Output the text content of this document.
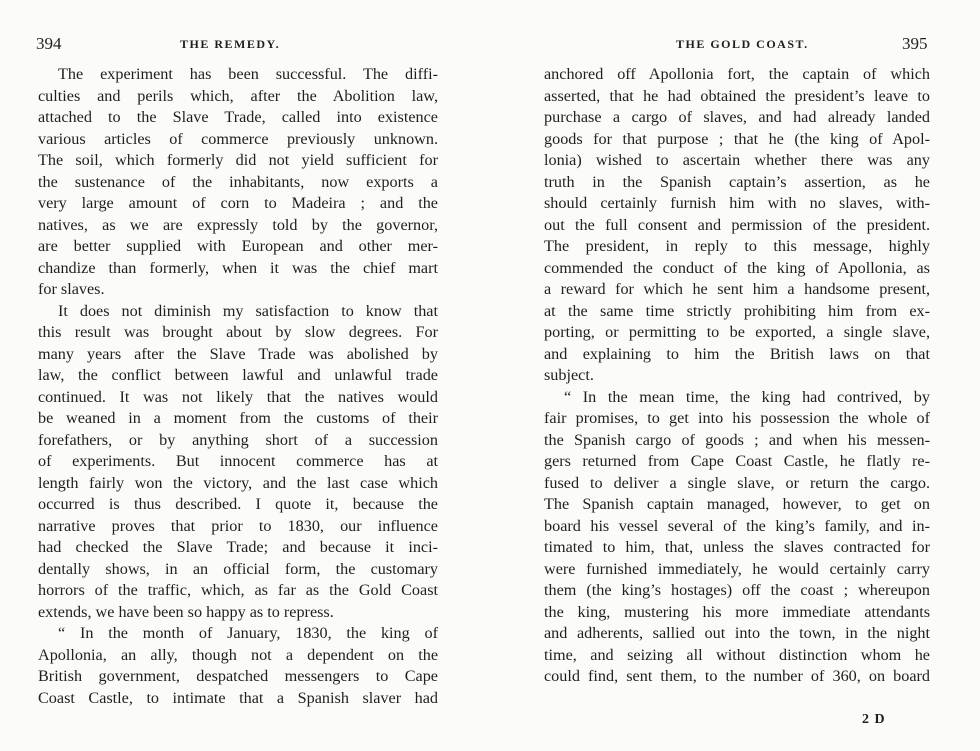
394	THE REMEDY.
The experiment has been successful. The diffi-
culties and perils which, after the Abolition law,
attached to the Slave Trade, called into existence
various articles of commerce previously unknown.
The soil, which formerly did not yield sufficient for
the sustenance of the inhabitants, now exports a
very large amount of corn to Madeira ; and the
natives, as we are expressly told by the governor,
are better supplied with European and other mer-
chandize than formerly, when it was the chief mart
for slaves.
It does not diminish my satisfaction to know that
this result was brought about by slow degrees. For
many years after the Slave Trade was abolished by
law, the conflict between lawful and unlawful trade
continued. It was not likely that the natives would
be weaned in a moment from the customs of their
forefathers, or by anything short of a succession
of experiments. But innocent commerce has at
length fairly won the victory, and the last case which
occurred is thus described. I quote it, because the
narrative proves that prior to 1830, our influence
had checked the Slave Trade; and because it inci-
dentally shows, in an official form, the customary
horrors of the traffic, which, as far as the Gold Coast
extends, we have been so happy as to repress.
“ In the month of January, 1830, the king of
Apollonia, an ally, though not a dependent on the
British government, despatched messengers to Cape
Coast Castle, to intimate that a Spanish slaver had
THE GOLD COAST.	395
anchored off Apollonia fort, the captain of which
asserted, that he had obtained the president’s leave to
purchase a cargo of slaves, and had already landed
goods for that purpose ; that he (the king of Apol-
lonia) wished to ascertain whether there was any
truth in the Spanish captain’s assertion, as he
should certainly furnish him with no slaves, with-
out the full consent and permission of the president.
The president, in reply to this message, highly
commended the conduct of the king of Apollonia, as
a reward for which he sent him a handsome present,
at the same time strictly prohibiting him from ex-
porting, or permitting to be exported, a single slave,
and explaining to him the British laws on that
subject.
“ In the mean time, the king had contrived, by
fair promises, to get into his possession the whole of
the Spanish cargo of goods ; and when his messen-
gers returned from Cape Coast Castle, he flatly re-
fused to deliver a single slave, or return the cargo.
The Spanish captain managed, however, to get on
board his vessel several of the king’s family, and in-
timated to him, that, unless the slaves contracted for
were furnished immediately, he would certainly carry
them (the king’s hostages) off the coast ; whereupon
the king, mustering his more immediate attendants
and adherents, sallied out into the town, in the night
time, and seizing all without distinction whom he
could find, sent them, to the number of 360, on board
2 D
